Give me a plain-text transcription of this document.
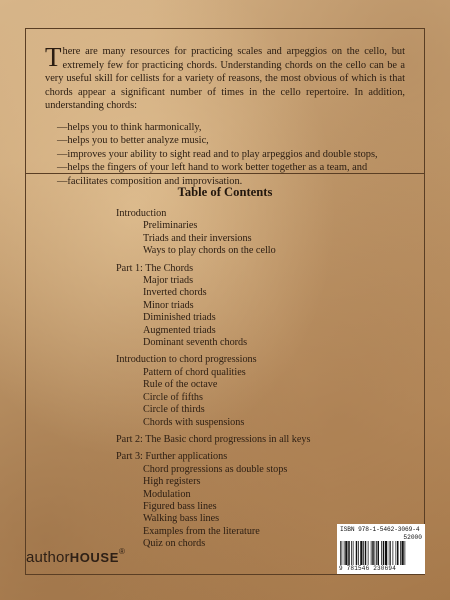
There are many resources for practicing scales and arpeggios on the cello, but extremely few for practicing chords. Understanding chords on the cello can be a very useful skill for cellists for a variety of reasons, the most obvious of which is that chords appear a significant number of times in the cello repertoire. In addition, understanding chords:

—helps you to think harmonically,
—helps you to better analyze music,
—improves your ability to sight read and to play arpeggios and double stops,
—helps the fingers of your left hand to work better together as a team, and
—facilitates composition and improvisation.
Table of Contents

Introduction

Preliminaries

Triads and their inversions

Ways to play chords on the cello

Part 1: The Chords

Major triads

Inverted chords

Minor triads

Diminished triads

Augmented triads

Dominant seventh chords

Introduction to chord progressions

Pattern of chord qualities

Rule of the octave

Circle of fifths

Circle of thirds

Chords with suspensions

Part 2: The Basic chord progressions in all keys

Part 3: Further applications

Chord progressions as double stops

High registers

Modulation

Figured bass lines

Walking bass lines

Examples from the literature

Quiz on chords

authorHOUSE®
ISBN 978-1-5462-3069-4
52000
9 781546 230694
